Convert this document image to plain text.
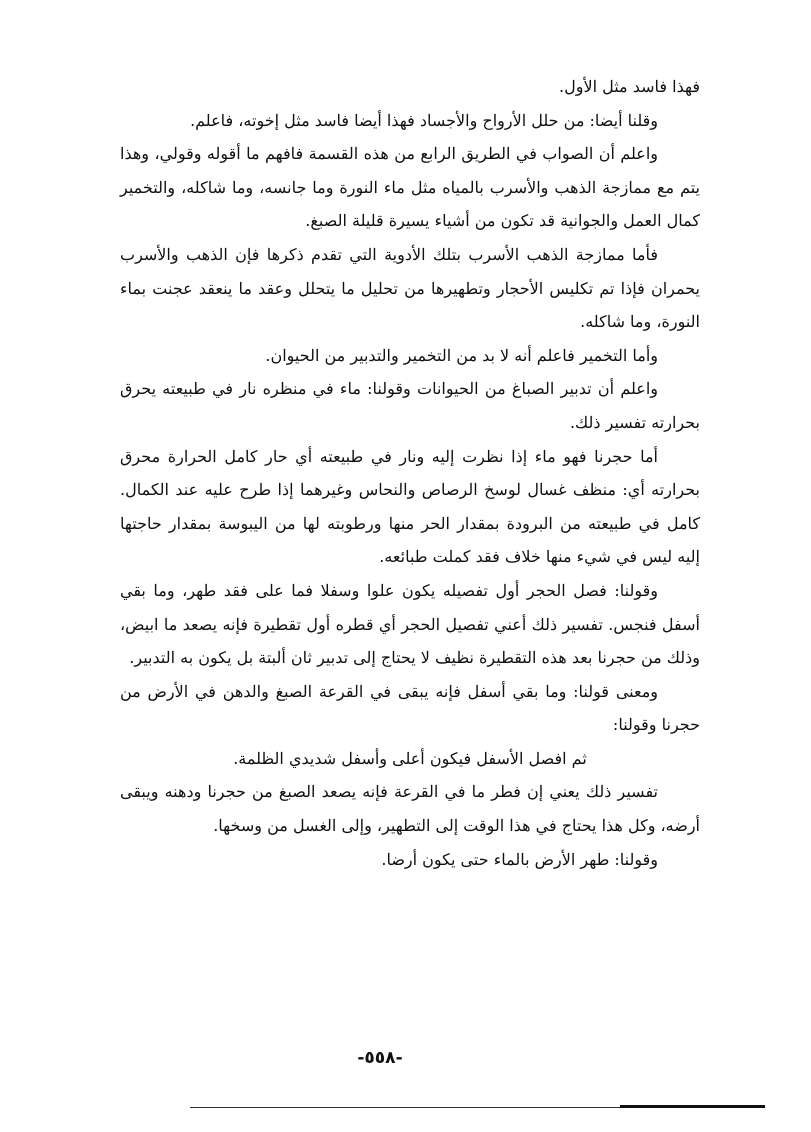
فهذا فاسد مثل الأول.

وقلنا أيضا: من حلل الأرواح والأجساد فهذا أيضا فاسد مثل إخوته، فاعلم.

واعلم أن الصواب في الطريق الرابع من هذه القسمة فافهم ما أقوله وقولي، وهذا يتم مع ممازجة الذهب والأسرب بالمياه مثل ماء النورة وما جانسه، وما شاكله، والتخمير كمال العمل والجوانية قد تكون من أشياء يسيرة قليلة الصبغ.

فأما ممازجة الذهب الأسرب بتلك الأدوية التي تقدم ذكرها فإن الذهب والأسرب يحمران فإذا تم تكليس الأحجار وتطهيرها من تحليل ما يتحلل وعقد ما ينعقد عجنت بماء النورة، وما شاكله.

وأما التخمير فاعلم أنه لا بد من التخمير والتدبير من الحيوان.

واعلم أن تدبير الصباغ من الحيوانات وقولنا: ماء في منظره نار في طبيعته يحرق بحرارته تفسير ذلك.

أما حجرنا فهو ماء إذا نظرت إليه ونار في طبيعته أي حار كامل الحرارة محرق بحرارته أي: منظف غسال لوسخ الرصاص والنحاس وغيرهما إذا طرح عليه عند الكمال. كامل في طبيعته من البرودة بمقدار الحر منها ورطوبته لها من اليبوسة بمقدار حاجتها إليه ليس في شيء منها خلاف فقد كملت طبائعه.

وقولنا: فصل الحجر أول تفصيله يكون علوا وسفلا فما على فقد طهر، وما بقي أسفل فنجس. تفسير ذلك أعني تفصيل الحجر أي قطره أول تقطيرة فإنه يصعد ما ابيض، وذلك من حجرنا بعد هذه التقطيرة نظيف لا يحتاج إلى تدبير ثان ألبتة بل يكون به التدبير.

ومعنى قولنا: وما بقي أسفل فإنه يبقى في القرعة الصبغ والدهن في الأرض من حجرنا وقولنا:

ثم افصل الأسفل فيكون أعلى وأسفل شديدي الظلمة.

تفسير ذلك يعني إن فطر ما في القرعة فإنه يصعد الصبغ من حجرنا ودهنه ويبقى أرضه، وكل هذا يحتاج في هذا الوقت إلى التطهير، وإلى الغسل من وسخها.

وقولنا: طهر الأرض بالماء حتى يكون أرضا.

-٥٥٨-
